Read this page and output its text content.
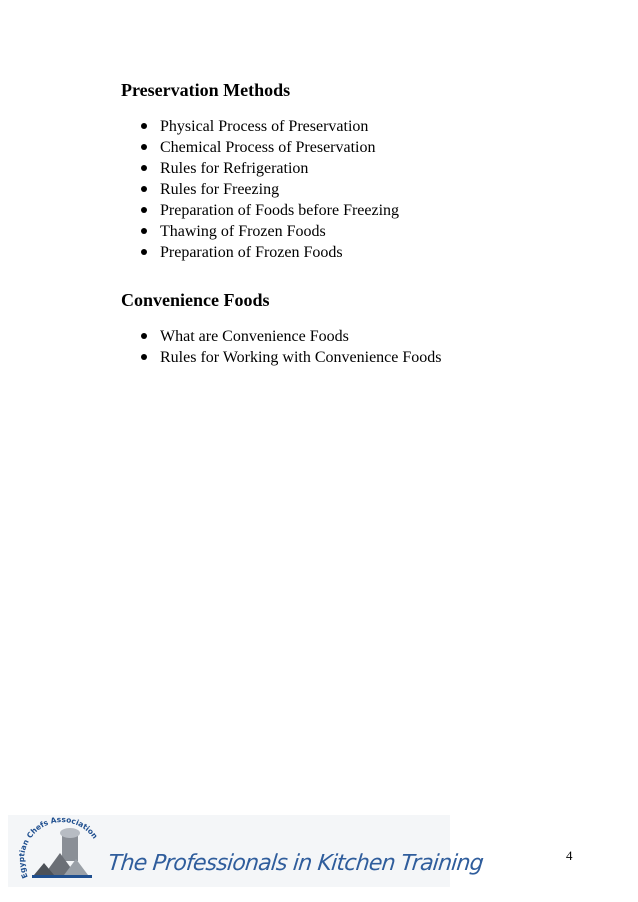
Preservation Methods
Physical Process of Preservation
Chemical Process of Preservation
Rules for Refrigeration
Rules for Freezing
Preparation of Foods before Freezing
Thawing of Frozen Foods
Preparation of Frozen Foods
Convenience Foods
What are Convenience Foods
Rules for Working with Convenience Foods
Egyptian Chefs Association
The Professionals in Kitchen Training	4
